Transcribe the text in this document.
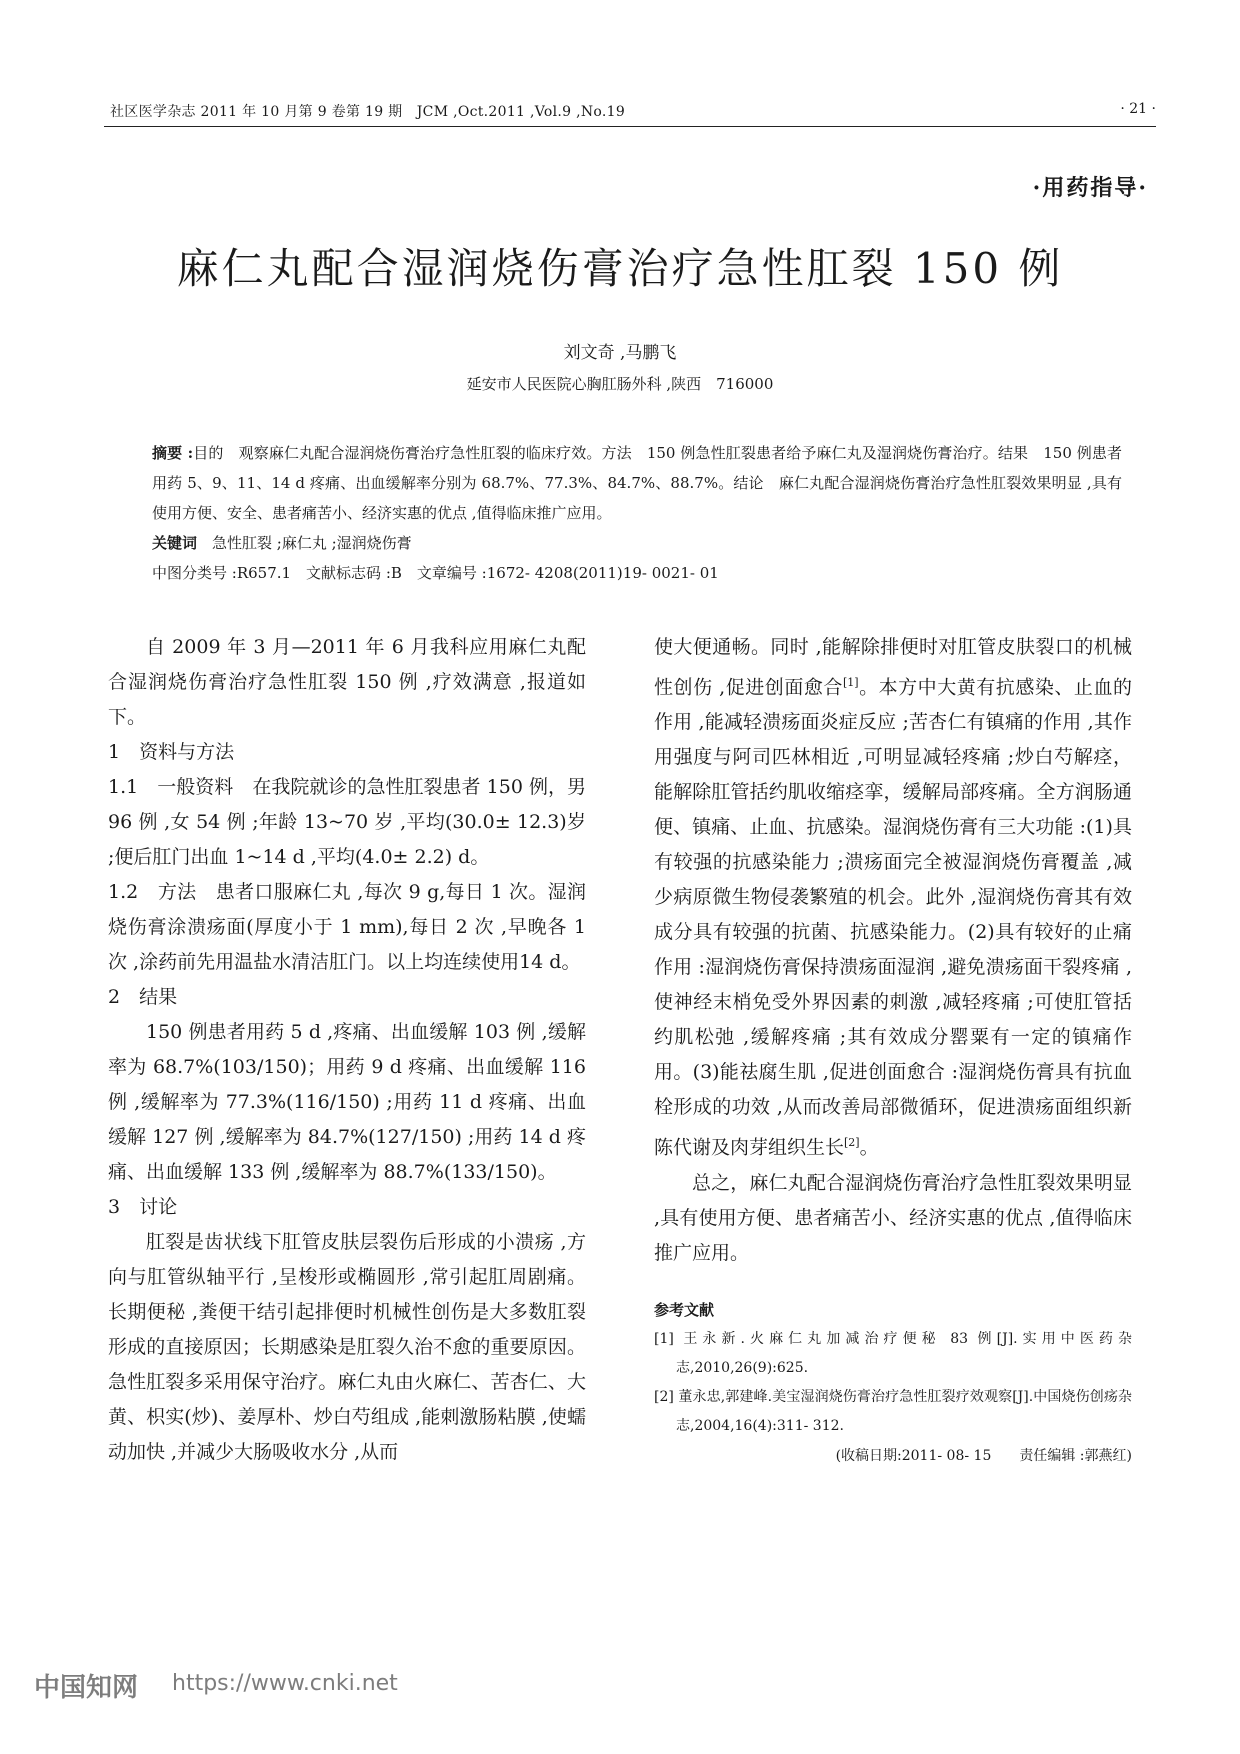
社区医学杂志 2011 年 10 月第 9 卷第 19 期　JCM ,Oct.2011 ,Vol.9 ,No.19	· 21 ·
·用药指导·
麻仁丸配合湿润烧伤膏治疗急性肛裂 150 例
刘文奇 ,马鹏飞
延安市人民医院心胸肛肠外科 ,陕西　716000

摘要 :目的　观察麻仁丸配合湿润烧伤膏治疗急性肛裂的临床疗效。方法　150 例急性肛裂患者给予麻仁丸及湿润烧伤膏治疗。结果　150 例患者用药 5、9、11、14 d 疼痛、出血缓解率分别为 68.7%、77.3%、84.7%、88.7%。结论　麻仁丸配合湿润烧伤膏治疗急性肛裂效果明显 ,具有使用方便、安全、患者痛苦小、经济实惠的优点 ,值得临床推广应用。

关键词　急性肛裂 ;麻仁丸 ;湿润烧伤膏

中图分类号 :R657.1　文献标志码 :B　文章编号 :1672- 4208(2011)19- 0021- 01

自 2009 年 3 月—2011 年 6 月我科应用麻仁丸配合湿润烧伤膏治疗急性肛裂 150 例 ,疗效满意 ,报道如下。

1 资料与方法

1.1　一般资料　在我院就诊的急性肛裂患者 150 例，男 96 例 ,女 54 例 ;年龄 13~70 岁 ,平均(30.0± 12.3)岁 ;便后肛门出血 1~14 d ,平均(4.0± 2.2) d。

1.2　方法　患者口服麻仁丸 ,每次 9 g,每日 1 次。湿润烧伤膏涂溃疡面(厚度小于 1 mm),每日 2 次 ,早晚各 1 次 ,涂药前先用温盐水清洁肛门。以上均连续使用14 d。

2 结果

150 例患者用药 5 d ,疼痛、出血缓解 103 例 ,缓解率为 68.7%(103/150)；用药 9 d 疼痛、出血缓解 116 例 ,缓解率为 77.3%(116/150) ;用药 11 d 疼痛、出血缓解 127 例 ,缓解率为 84.7%(127/150) ;用药 14 d 疼痛、出血缓解 133 例 ,缓解率为 88.7%(133/150)。

3 讨论

肛裂是齿状线下肛管皮肤层裂伤后形成的小溃疡 ,方向与肛管纵轴平行 ,呈梭形或椭圆形 ,常引起肛周剧痛。长期便秘 ,粪便干结引起排便时机械性创伤是大多数肛裂形成的直接原因；长期感染是肛裂久治不愈的重要原因。急性肛裂多采用保守治疗。麻仁丸由火麻仁、苦杏仁、大黄、枳实(炒)、姜厚朴、炒白芍组成 ,能刺激肠粘膜 ,使蠕动加快 ,并减少大肠吸收水分 ,从而

使大便通畅。同时 ,能解除排便时对肛管皮肤裂口的机械性创伤 ,促进创面愈合[1]。本方中大黄有抗感染、止血的作用 ,能减轻溃疡面炎症反应 ;苦杏仁有镇痛的作用 ,其作用强度与阿司匹林相近 ,可明显减轻疼痛 ;炒白芍解痉，能解除肛管括约肌收缩痉挛，缓解局部疼痛。全方润肠通便、镇痛、止血、抗感染。湿润烧伤膏有三大功能 :(1)具有较强的抗感染能力 ;溃疡面完全被湿润烧伤膏覆盖 ,减少病原微生物侵袭繁殖的机会。此外 ,湿润烧伤膏其有效成分具有较强的抗菌、抗感染能力。(2)具有较好的止痛作用 :湿润烧伤膏保持溃疡面湿润 ,避免溃疡面干裂疼痛 ,使神经末梢免受外界因素的刺激 ,减轻疼痛 ;可使肛管括约肌松弛 ,缓解疼痛 ;其有效成分罂粟有一定的镇痛作用。(3)能祛腐生肌 ,促进创面愈合 :湿润烧伤膏具有抗血栓形成的功效 ,从而改善局部微循环，促进溃疡面组织新陈代谢及肉芽组织生长[2]。

总之，麻仁丸配合湿润烧伤膏治疗急性肛裂效果明显 ,具有使用方便、患者痛苦小、经济实惠的优点 ,值得临床推广应用。

参考文献

[1] 王永新.火麻仁丸加减治疗便秘 83 例[J].实用中医药杂志,2010,26(9):625.

[2] 董永忠,郭建峰.美宝湿润烧伤膏治疗急性肛裂疗效观察[J].中国烧伤创疡杂志,2004,16(4):311- 312.

(收稿日期:2011- 08- 15　　责任编辑 :郭燕红)

中国知网 https://www.cnki.net
